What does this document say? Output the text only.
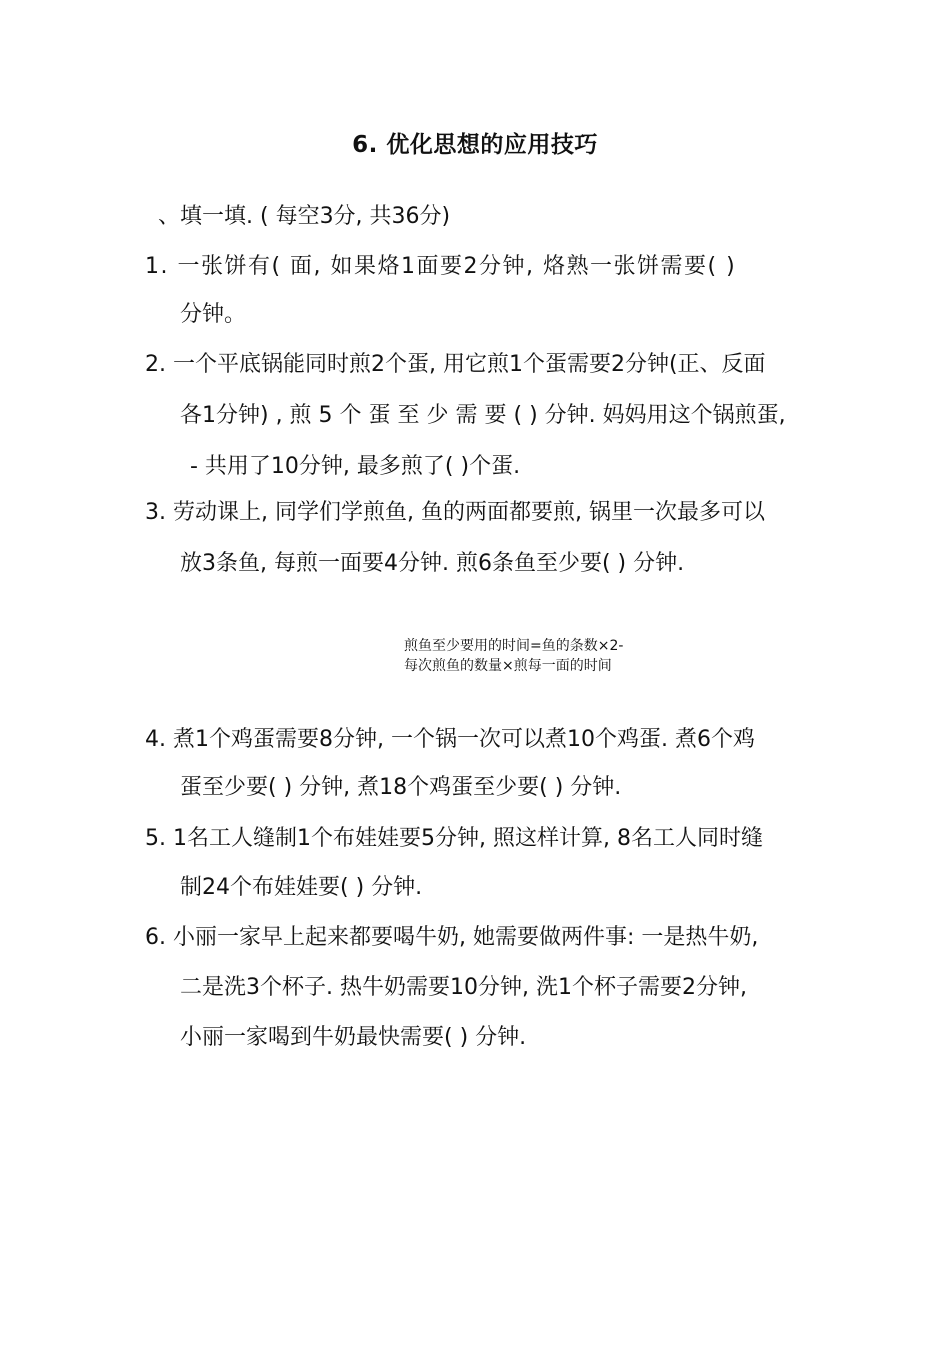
6. 优化思想的应用技巧
、填一填. ( 每空3分, 共36分)
1. 一张饼有( 面, 如果烙1面要2分钟, 烙熟一张饼需要( )
分钟。
2. 一个平底锅能同时煎2个蛋, 用它煎1个蛋需要2分钟(正、反面
各1分钟) , 煎 5 个 蛋 至 少 需 要 ( ) 分钟. 妈妈用这个锅煎蛋,
- 共用了10分钟, 最多煎了( )个蛋.
3. 劳动课上, 同学们学煎鱼, 鱼的两面都要煎, 锅里一次最多可以
放3条鱼, 每煎一面要4分钟. 煎6条鱼至少要( ) 分钟.
煎鱼至少要用的时间=鱼的条数×2-
每次煎鱼的数量×煎每一面的时间
4. 煮1个鸡蛋需要8分钟, 一个锅一次可以煮10个鸡蛋. 煮6个鸡
蛋至少要( ) 分钟, 煮18个鸡蛋至少要( ) 分钟.
5. 1名工人缝制1个布娃娃要5分钟, 照这样计算, 8名工人同时缝
制24个布娃娃要( ) 分钟.
6. 小丽一家早上起来都要喝牛奶, 她需要做两件事: 一是热牛奶,
二是洗3个杯子. 热牛奶需要10分钟, 洗1个杯子需要2分钟,
小丽一家喝到牛奶最快需要( ) 分钟.
